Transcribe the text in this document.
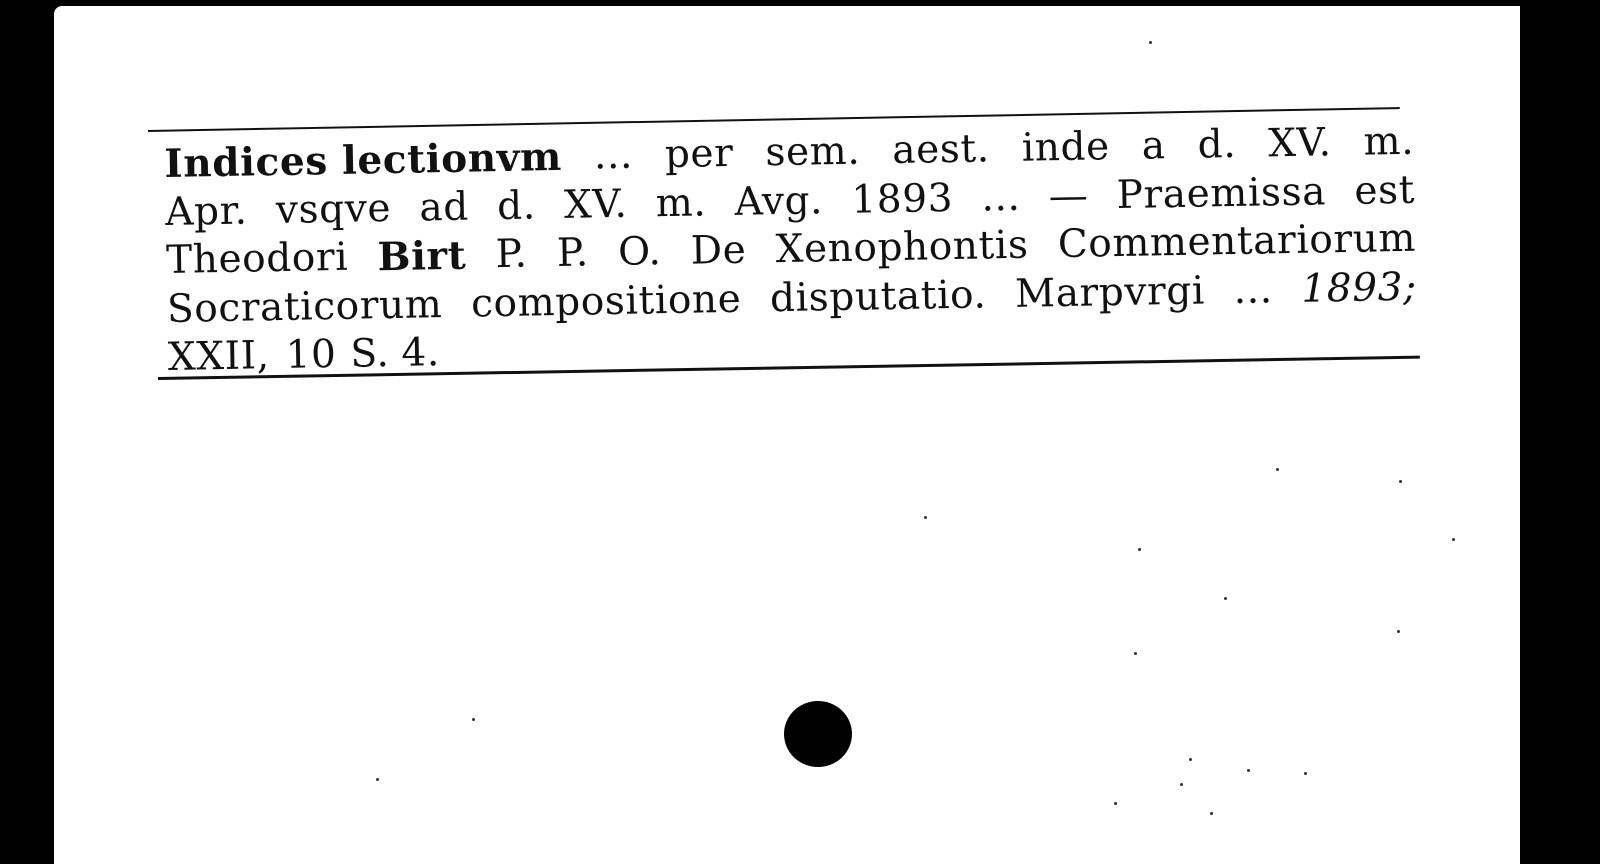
Indices lectionvm ... per sem. aest. inde a d. XV. m.
Apr. vsqve ad d. XV. m. Avg. 1893 ... — Praemissa est
Theodori Birt P. P. O. De Xenophontis Commentariorum
Socraticorum compositione disputatio. Marpvrgi ... 1893;
XXII, 10 S. 4.
